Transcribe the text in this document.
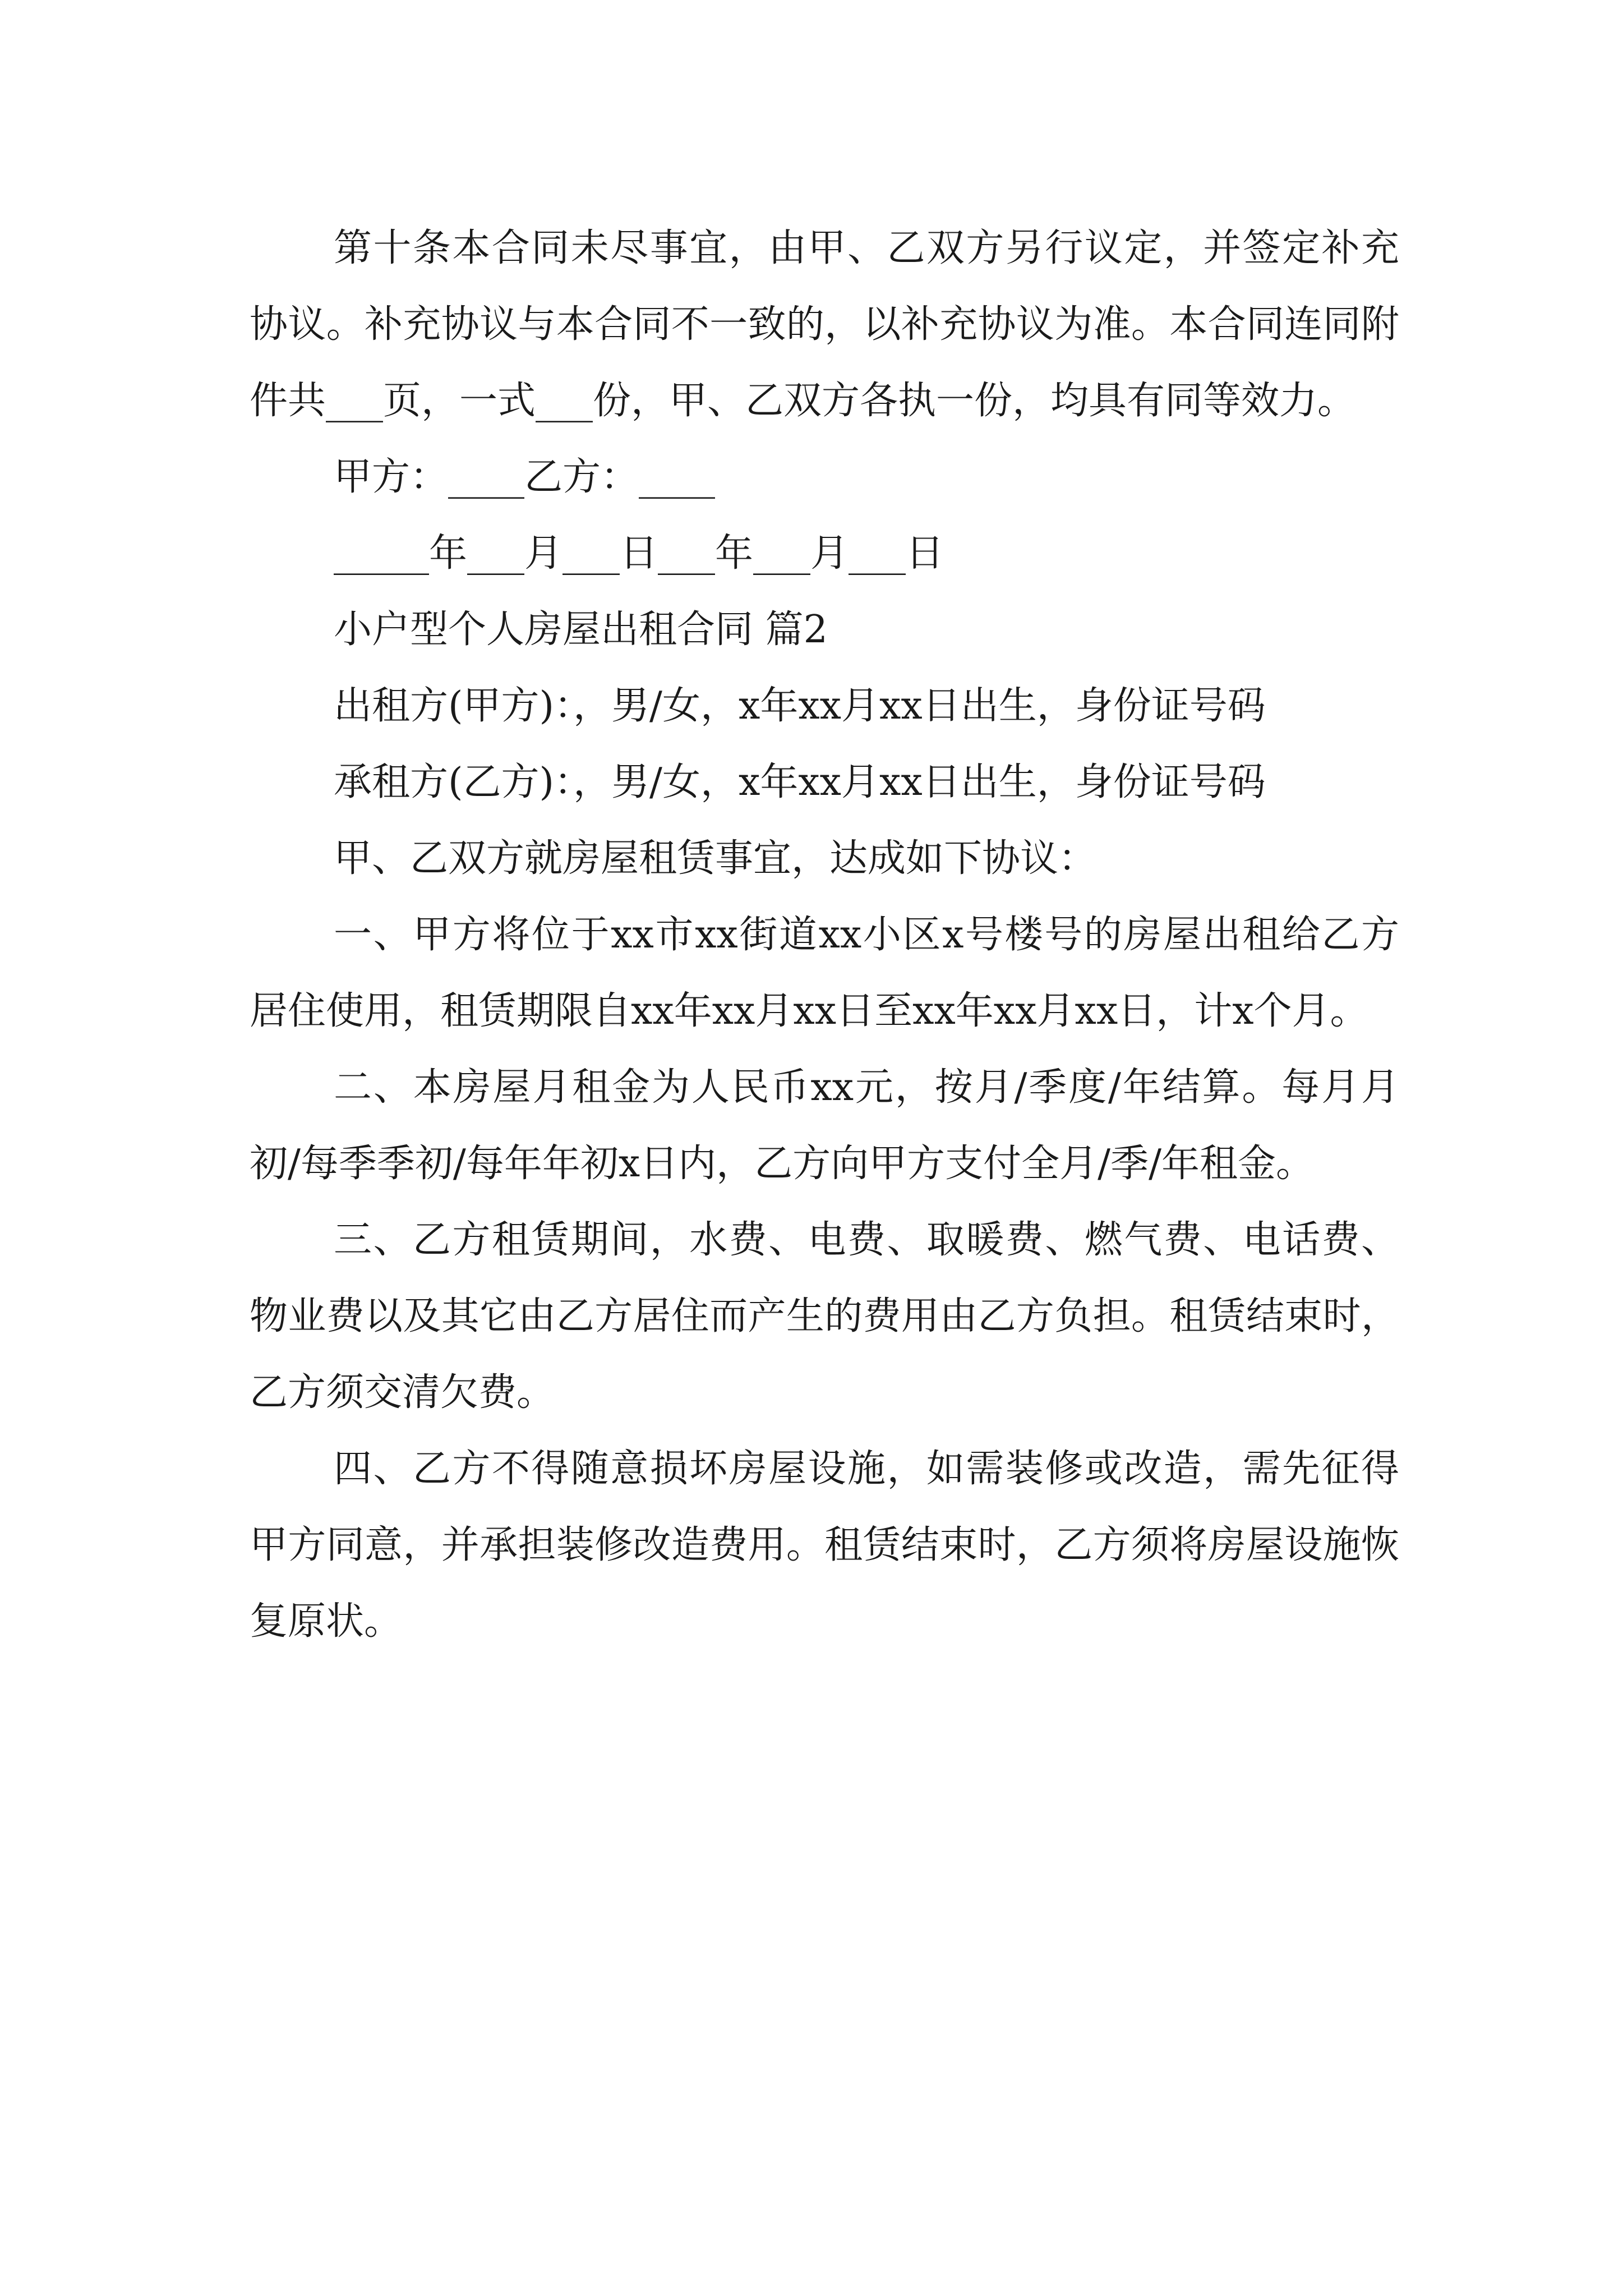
第十条本合同未尽事宜，由甲、乙双方另行议定，并签定补充协议。补充协议与本合同不一致的，以补充协议为准。本合同连同附件共___页，一式___份，甲、乙双方各执一份，均具有同等效力。

甲方：____乙方：____

_____年___月___日___年___月___日

小户型个人房屋出租合同 篇2

出租方(甲方)：，男/女，x年xx月xx日出生，身份证号码

承租方(乙方)：，男/女，x年xx月xx日出生，身份证号码

甲、乙双方就房屋租赁事宜，达成如下协议：

一、甲方将位于xx市xx街道xx小区x号楼号的房屋出租给乙方居住使用，租赁期限自xx年xx月xx日至xx年xx月xx日，计x个月。

二、本房屋月租金为人民币xx元，按月/季度/年结算。每月月初/每季季初/每年年初x日内，乙方向甲方支付全月/季/年租金。

三、乙方租赁期间，水费、电费、取暖费、燃气费、电话费、物业费以及其它由乙方居住而产生的费用由乙方负担。租赁结束时，乙方须交清欠费。

四、乙方不得随意损坏房屋设施，如需装修或改造，需先征得甲方同意，并承担装修改造费用。租赁结束时，乙方须将房屋设施恢复原状。
